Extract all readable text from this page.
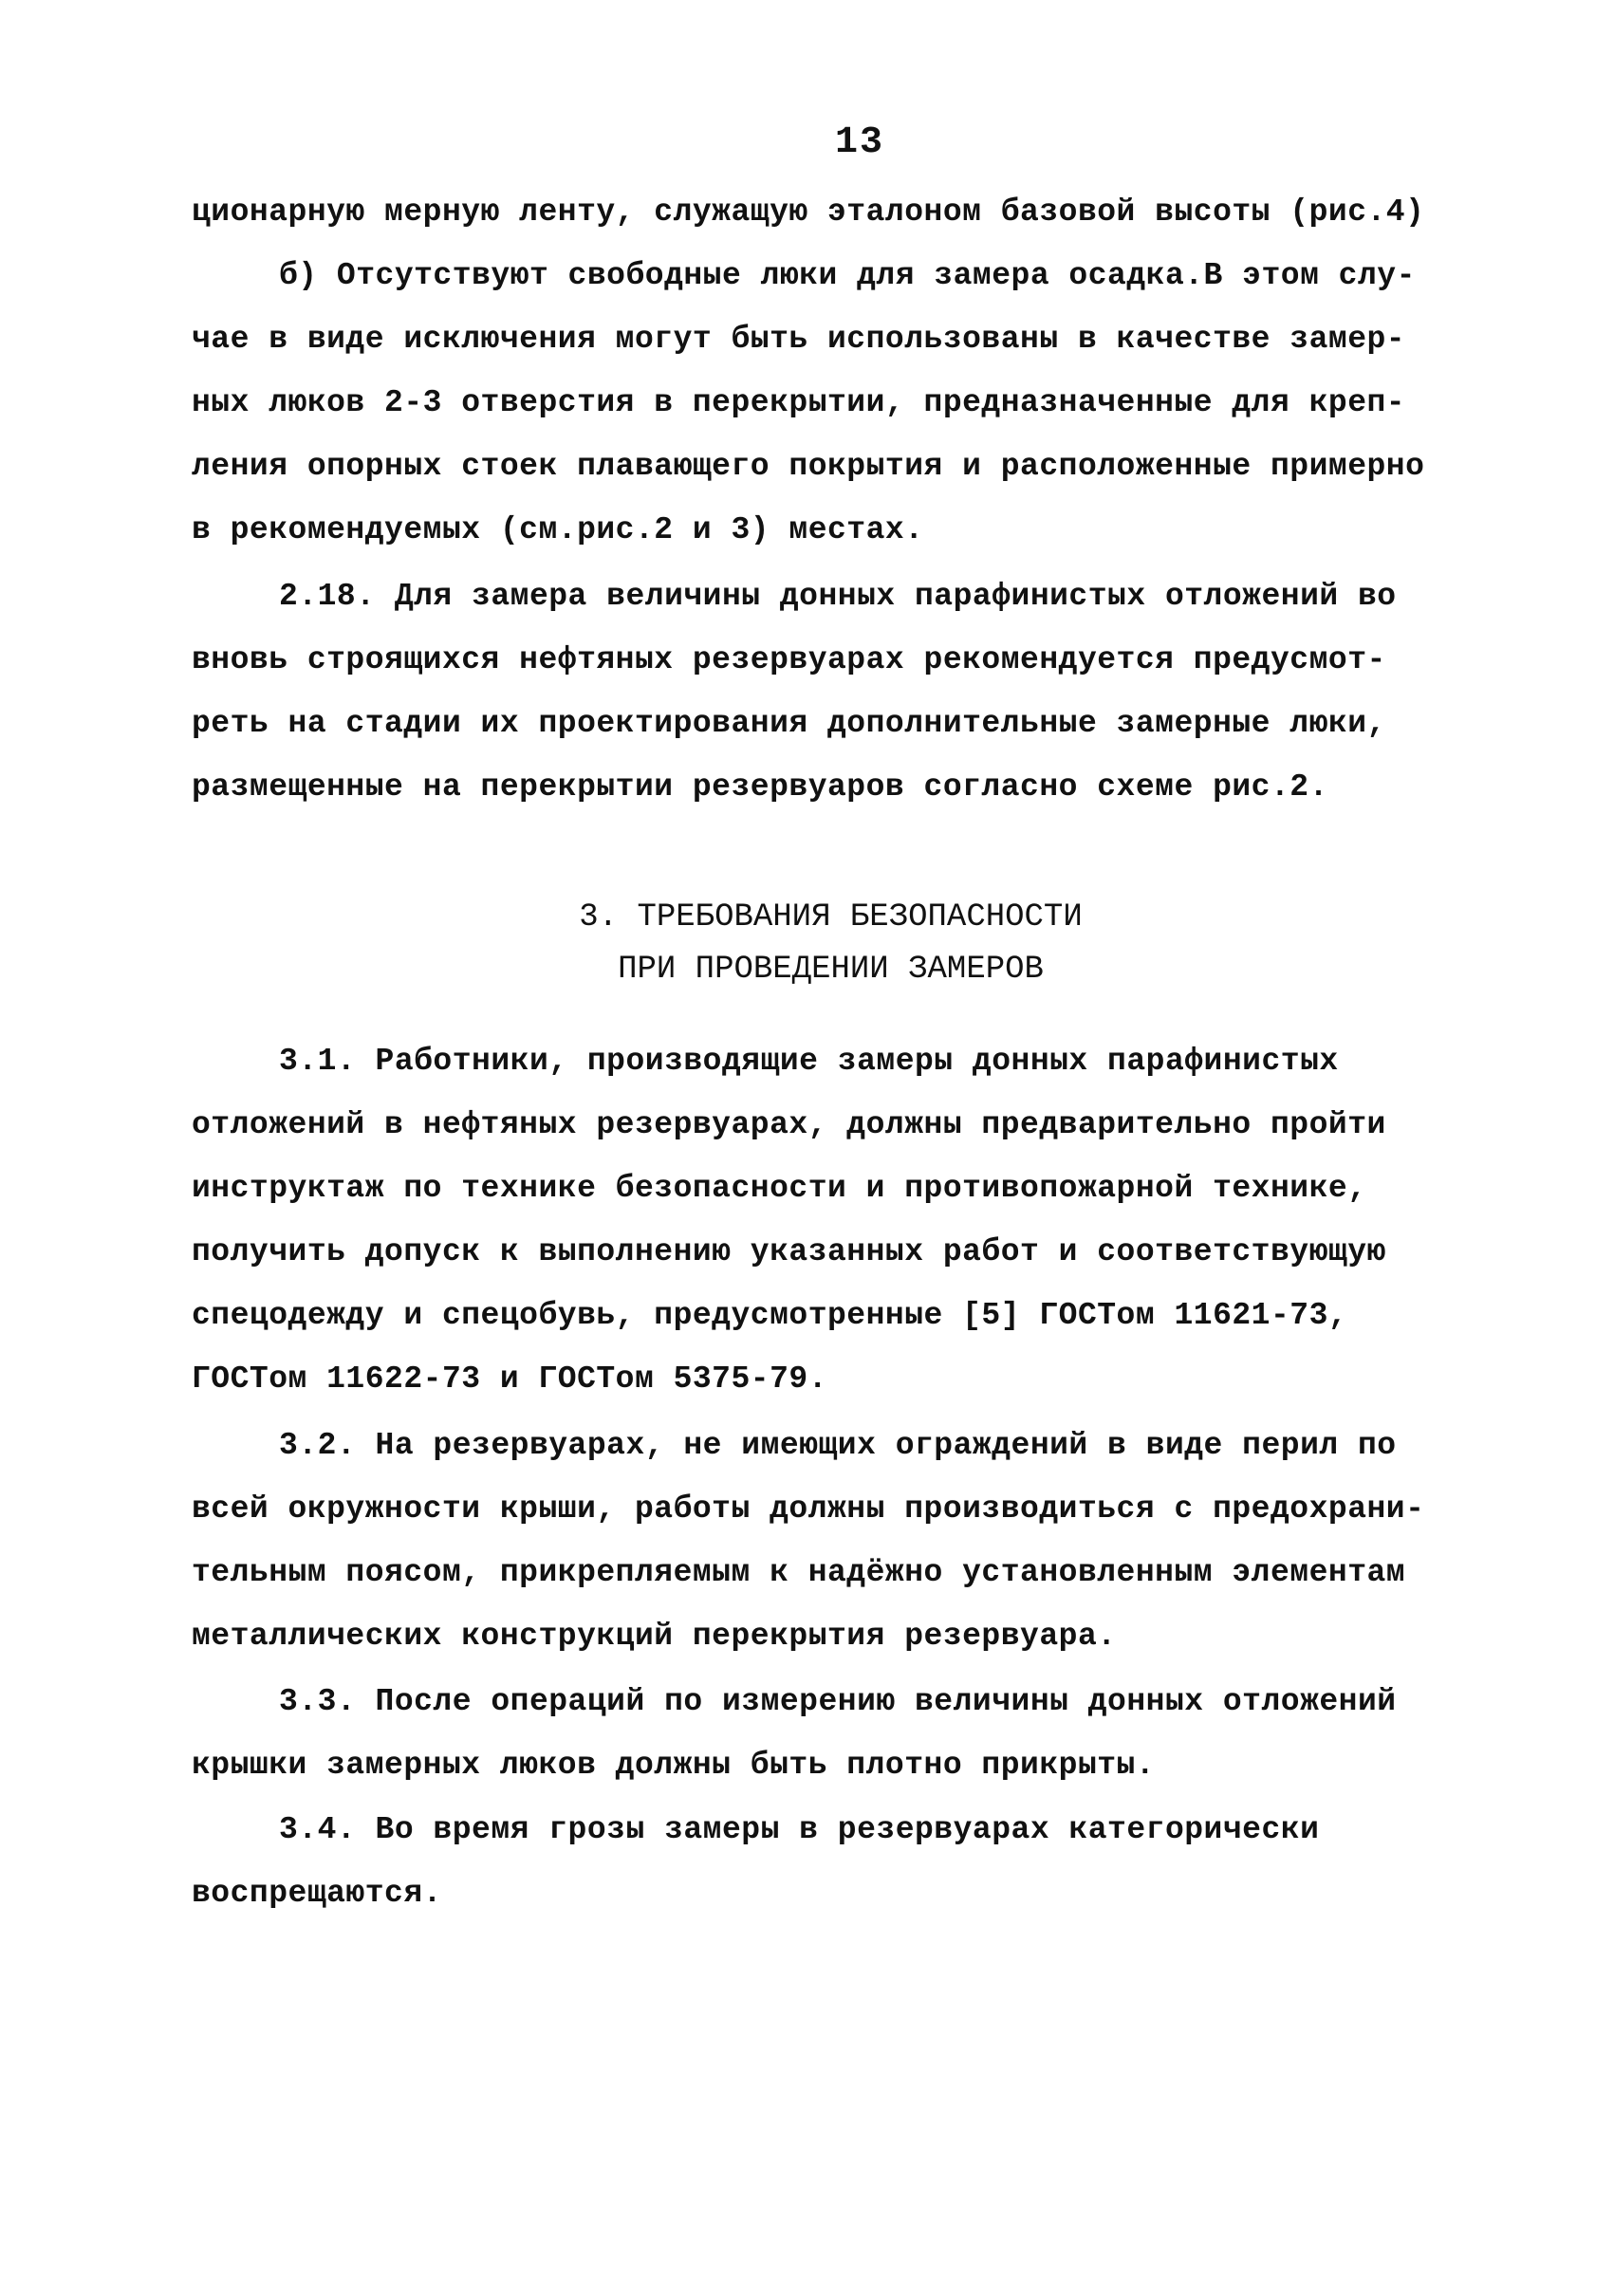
13
ционарную мерную ленту, служащую эталоном базовой высоты (рис.4)
б) Отсутствуют свободные люки для замера осадка.В этом слу-
чае в виде исключения могут быть использованы в качестве замер-
ных люков 2-3 отверстия в перекрытии, предназначенные для креп-
ления опорных стоек плавающего покрытия и расположенные примерно
в рекомендуемых (см.рис.2 и 3) местах.
2.18. Для замера величины донных парафинистых отложений во
вновь строящихся нефтяных резервуарах рекомендуется предусмот-
реть на стадии их проектирования дополнительные замерные люки,
размещенные на перекрытии резервуаров согласно схеме рис.2.
3. ТРЕБОВАНИЯ БЕЗОПАСНОСТИ
ПРИ ПРОВЕДЕНИИ ЗАМЕРОВ
3.1. Работники, производящие замеры донных парафинистых
отложений в нефтяных резервуарах, должны предварительно пройти
инструктаж по технике безопасности и противопожарной технике,
получить допуск к выполнению указанных работ и соответствующую
спецодежду и спецобувь, предусмотренные [5] ГОСТом 11621-73,
ГОСТом 11622-73 и ГОСТом 5375-79.
3.2. На резервуарах, не имеющих ограждений в виде перил по
всей окружности крыши, работы должны производиться с предохрани-
тельным поясом, прикрепляемым к надёжно установленным элементам
металлических конструкций перекрытия резервуара.
3.3. После операций по измерению величины донных отложений
крышки замерных люков должны быть плотно прикрыты.
3.4. Во время грозы замеры в резервуарах категорически
воспрещаются.
